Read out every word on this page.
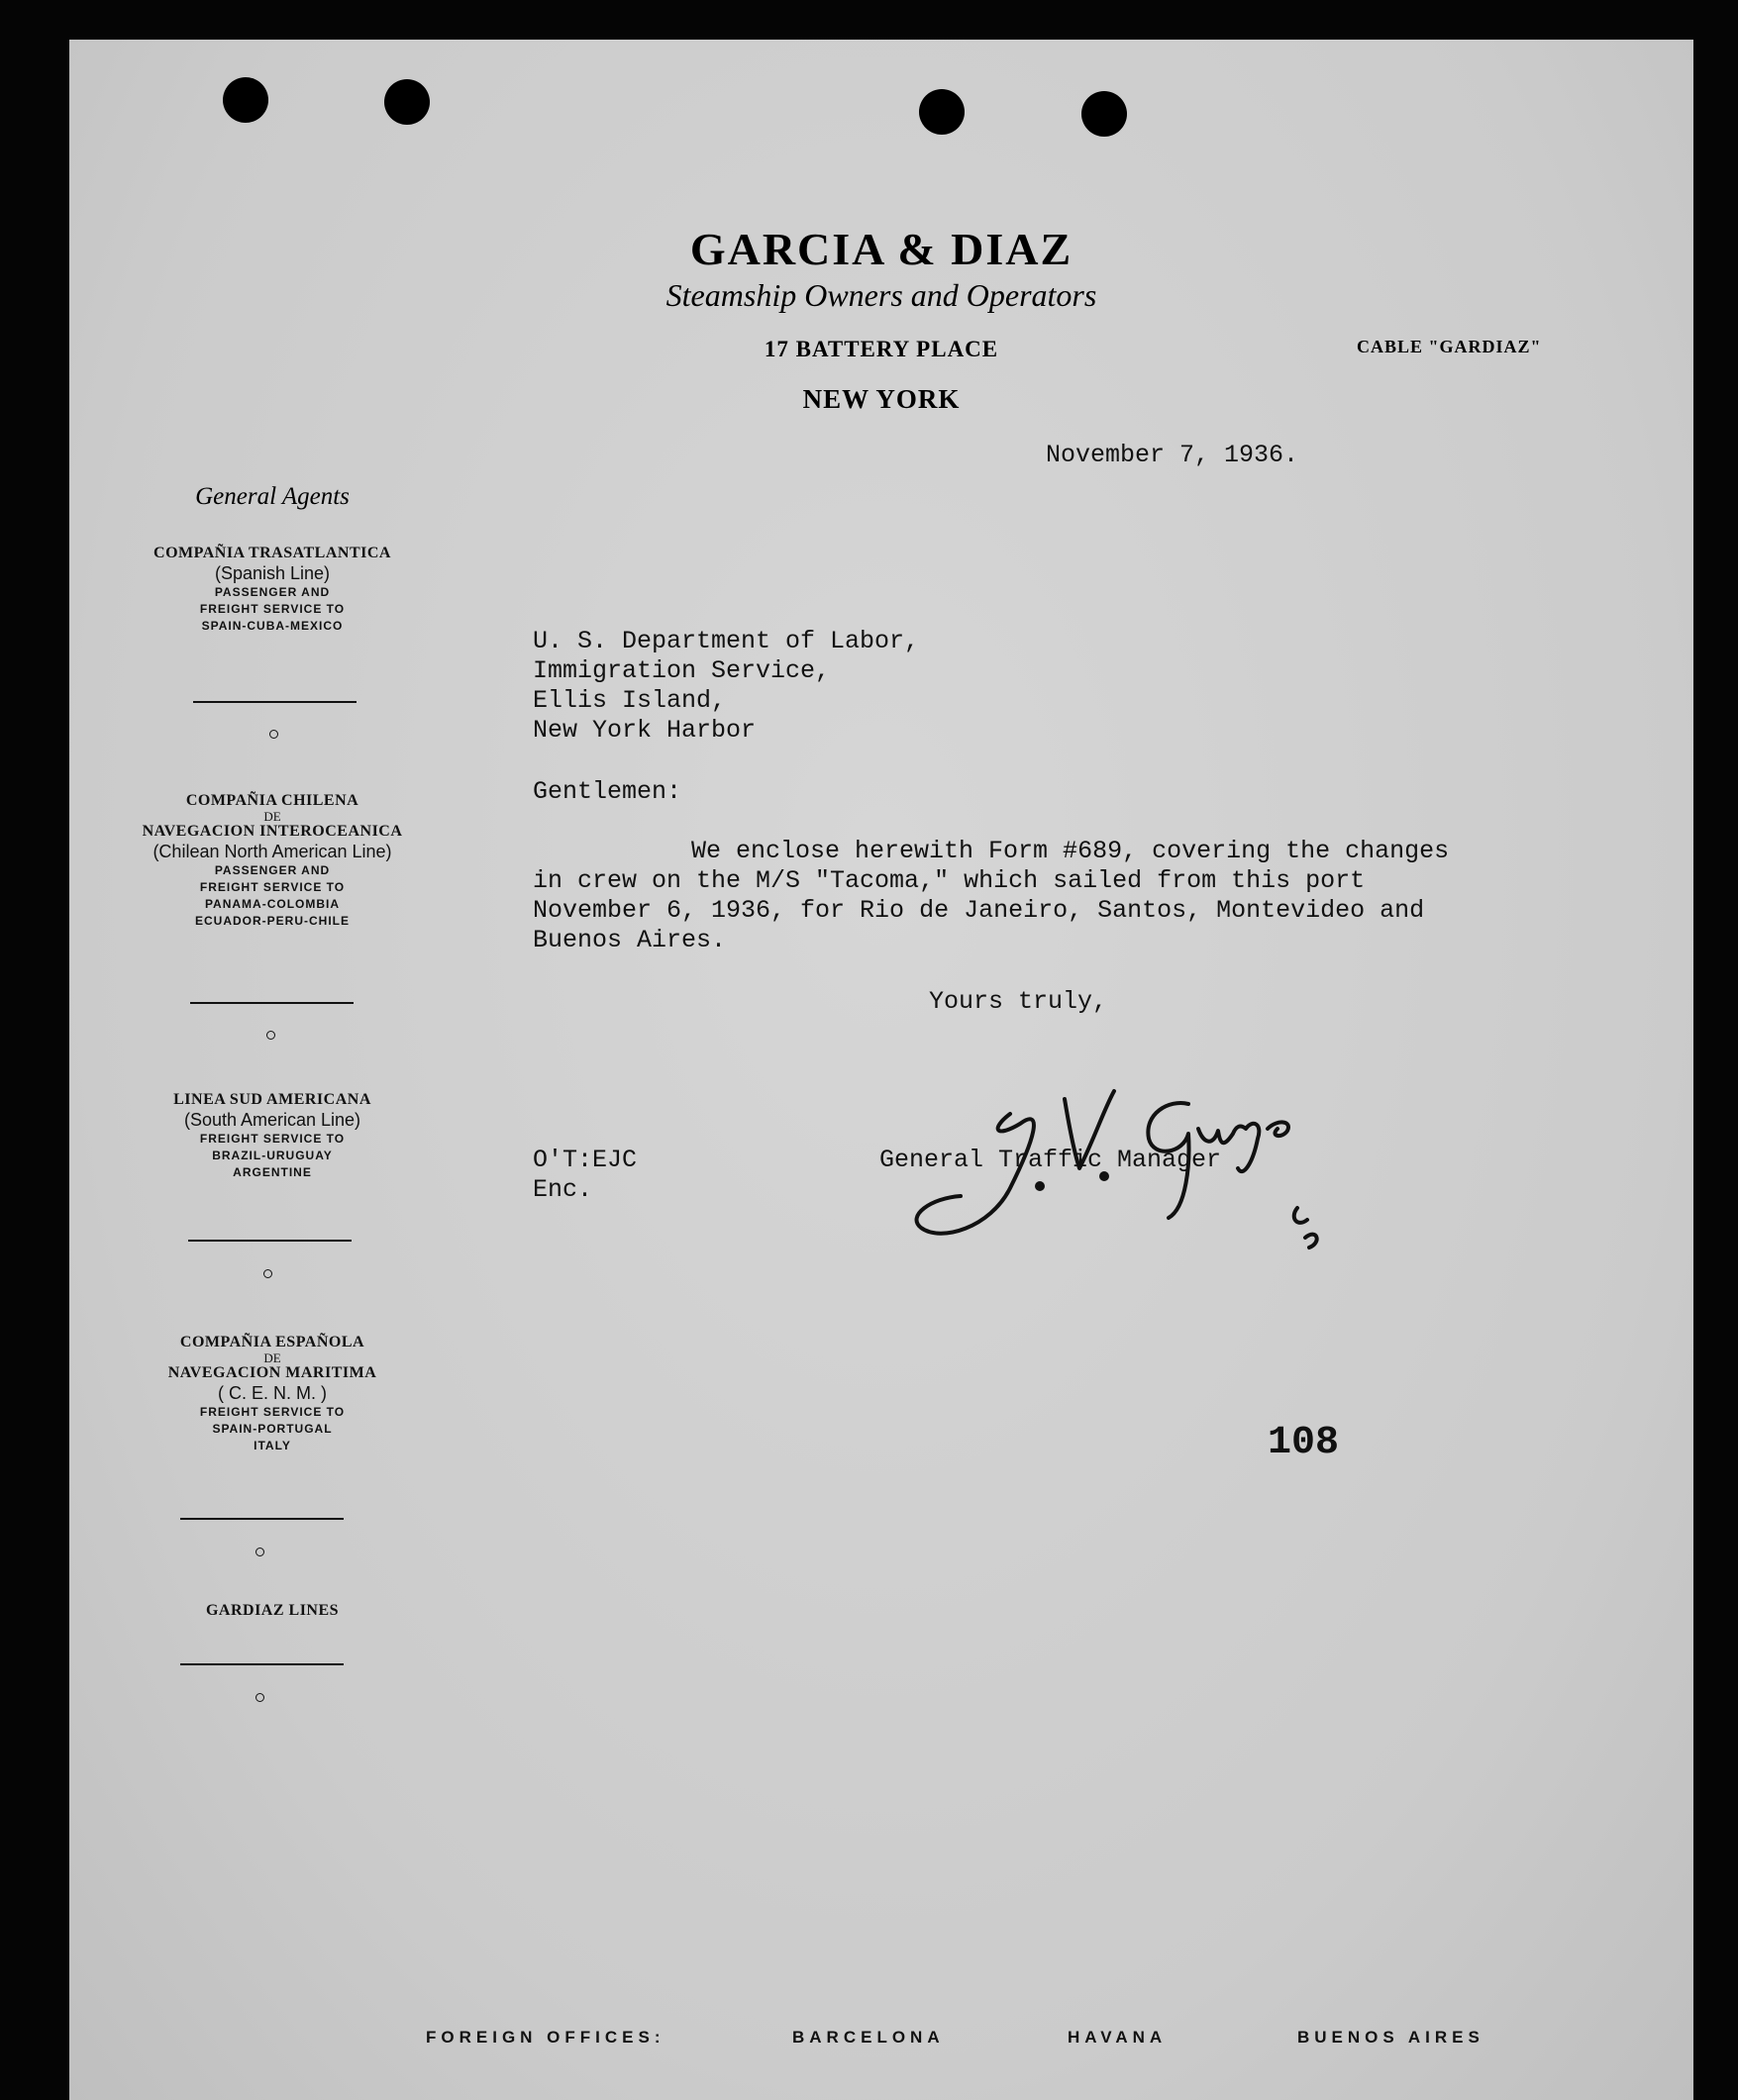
GARCIA & DIAZ
Steamship Owners and Operators
17 BATTERY PLACE
NEW YORK
CABLE "GARDIAZ"
General Agents
COMPAÑIA TRASATLANTICA
(Spanish Line)
PASSENGER AND
FREIGHT SERVICE TO
SPAIN-CUBA-MEXICO
COMPAÑIA CHILENA
DE
NAVEGACION INTEROCEANICA
(Chilean North American Line)
PASSENGER AND
FREIGHT SERVICE TO
PANAMA-COLOMBIA
ECUADOR-PERU-CHILE
LINEA SUD AMERICANA
(South American Line)
FREIGHT SERVICE TO
BRAZIL-URUGUAY
ARGENTINE
COMPAÑIA ESPAÑOLA
DE
NAVEGACION MARITIMA
( C. E. N. M. )
FREIGHT SERVICE TO
SPAIN-PORTUGAL
ITALY
GARDIAZ LINES
November 7, 1936.
U. S. Department of Labor,
Immigration Service,
Ellis Island,
New York Harbor
Gentlemen:
We enclose herewith Form #689, covering the changes
in crew on the M/S "Tacoma," which sailed from this port
November 6, 1936, for Rio de Janeiro, Santos, Montevideo and
Buenos Aires.
Yours truly,
General Traffic Manager
O'T:EJC
Enc.
108
FOREIGN OFFICES:	BARCELONA	HAVANA	BUENOS AIRES
